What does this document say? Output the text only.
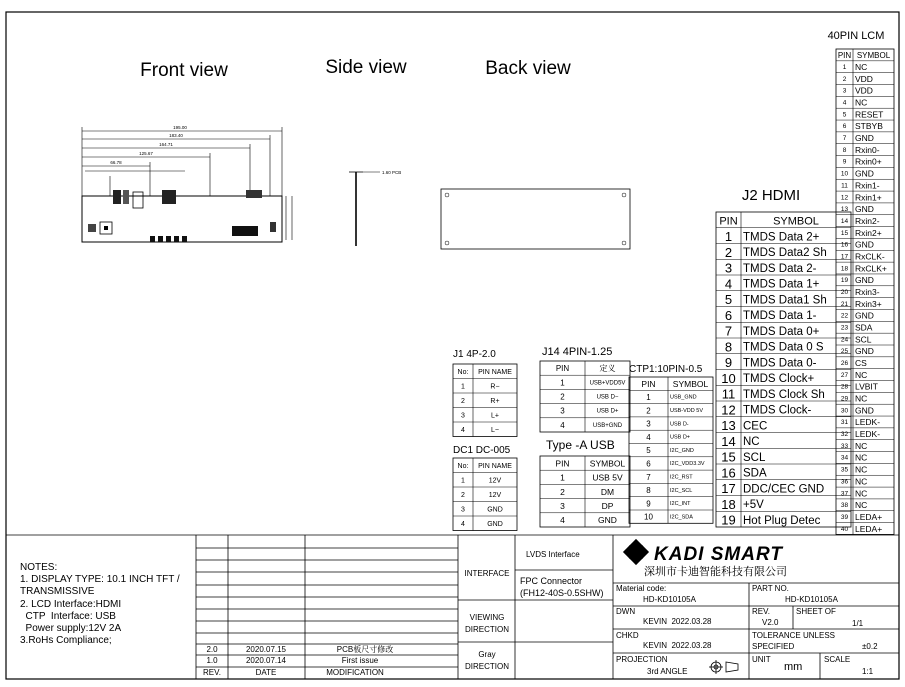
Front view	Side view	Back view
195.00
183.40
164.71
125.67
66.78
1.60 PCB
40PIN LCM
PIN SYMBOL
1 NC
2 VDD
3 VDD
4 NC
5 RESET
6 STBYB
7 GND
8 Rxin0-
9 Rxin0+
10 GND
11 Rxin1-
12 Rxin1+
13 GND
14 Rxin2-
15 Rxin2+
16 GND
17 RxCLK-
18 RxCLK+
19 GND
20 Rxin3-
21 Rxin3+
22 GND
23 SDA
24 SCL
25 GND
26 CS
27 NC
28 LVBIT
29 NC
30 GND
31 LEDK-
32 LEDK-
33 NC
34 NC
35 NC
36 NC
37 NC
38 NC
39 LEDA+
40 LEDA+
J2 HDMI
PIN	SYMBOL
1 TMDS Data 2+
2 TMDS Data2 Sh
3 TMDS Data 2-
4 TMDS Data 1+
5 TMDS Data1 Sh
6 TMDS Data 1-
7 TMDS Data 0+
8 TMDS Data 0 S
9 TMDS Data 0-
10 TMDS Clock+
11 TMDS Clock Sh
12 TMDS Clock-
13 CEC
14 NC
15 SCL
16 SDA
17 DDC/CEC GND
18 +5V
19 Hot Plug Detec
J1 4P-2.0
No: PIN NAME
1	R−
2	R+
3	L+
4	L−
DC1 DC-005
No: PIN NAME
1	12V
2	12V
3	GND
4	GND
J14 4PIN-1.25
PIN	定义
1	USB+VDD5V
2	USB D−
3	USB D+
4	USB+GND
Type -A USB
PIN SYMBOL
1	USB 5V
2	DM
3	DP
4	GND
CTP1:10PIN-0.5
PIN SYMBOL
1	USB_GND
2	USB-VDD 5V
3	USB D-
4	USB D+
5	I2C_GND
6	I2C_VDD3.3V
7	I2C_RST
8	I2C_SCL
9	I2C_INT
10	I2C_SDA
NOTES:
1. DISPLAY TYPE: 10.1 INCH TFT /
TRANSMISSIVE
2. LCD Interface:HDMI
CTP  Interface: USB
Power supply:12V 2A
3.RoHs Compliance;
2.0	2020.07.15	PCB板尺寸修改
1.0	2020.07.14	First issue
REV.	DATE	MODIFICATION
INTERFACE
LVDS Interface
FPC Connector
(FH12-40S-0.5SHW)
VIEWING
DIRECTION
Gray
DIRECTION
KADI SMART
深圳市卡迪智能科技有限公司
Material code:
HD-KD10105A
PART NO.
HD-KD10105A
DWN
KEVIN  2022.03.28
REV.
V2.0
SHEET OF
1/1
CHKD
KEVIN  2022.03.28
TOLERANCE UNLESS
SPECIFIED	±0.2
PROJECTION
3rd ANGLE
UNIT
mm
SCALE
1:1
